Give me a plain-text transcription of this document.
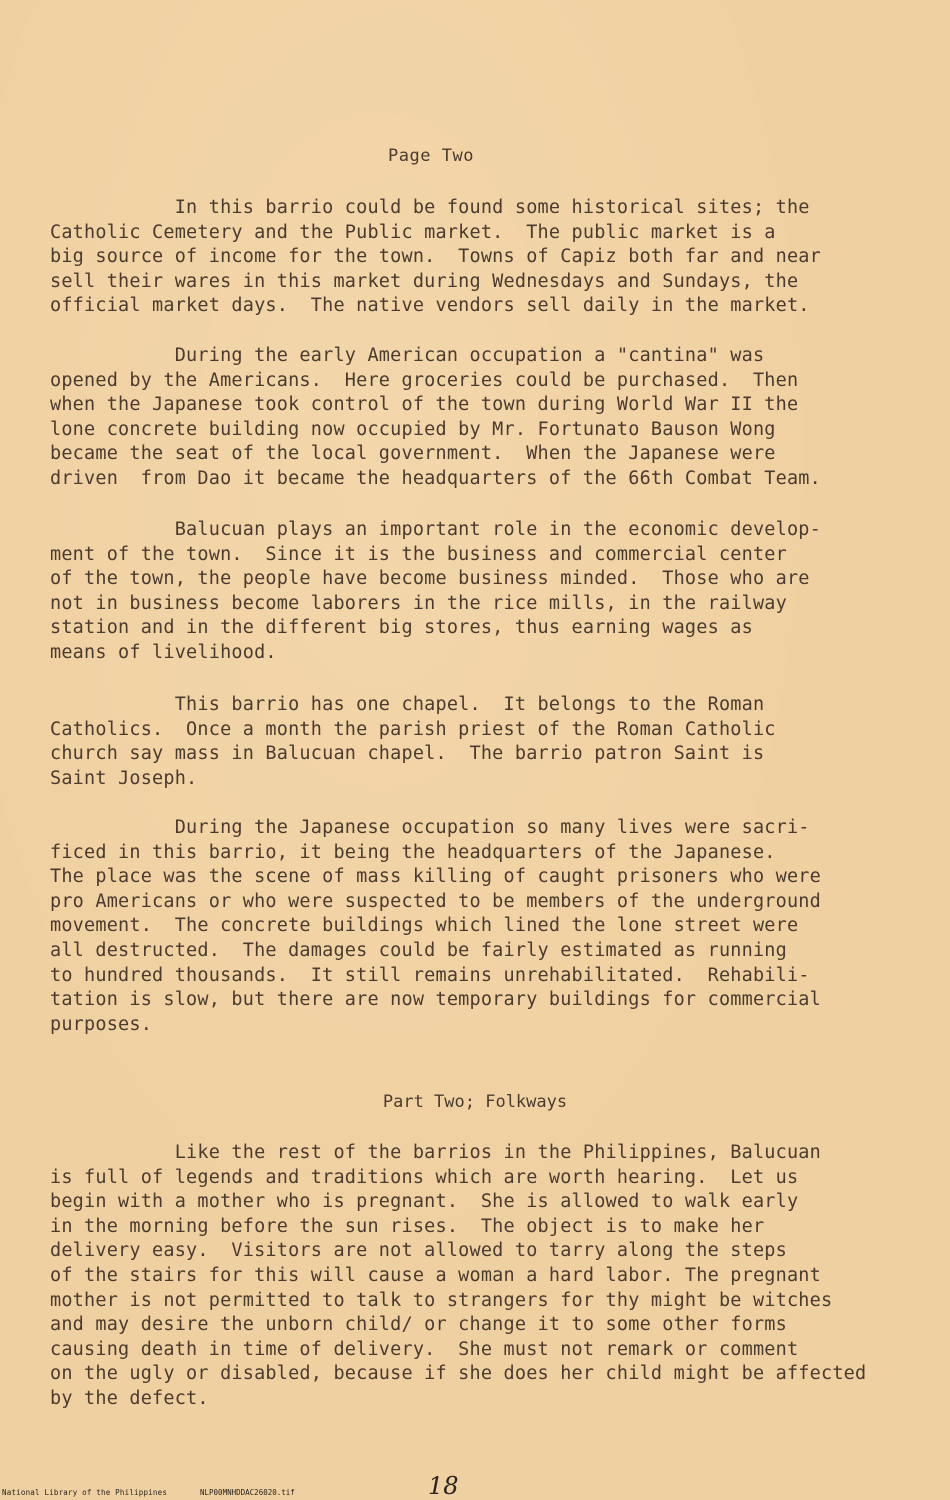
Page Two
In this barrio could be found some historical sites; the
Catholic Cemetery and the Public market.  The public market is a
big source of income for the town.  Towns of Capiz both far and near
sell their wares in this market during Wednesdays and Sundays, the
official market days.  The native vendors sell daily in the market.
During the early American occupation a "cantina" was
opened by the Americans.  Here groceries could be purchased.  Then
when the Japanese took control of the town during World War II the
lone concrete building now occupied by Mr. Fortunato Bauson Wong
became the seat of the local government.  When the Japanese were
driven  from Dao it became the headquarters of the 66th Combat Team.
Balucuan plays an important role in the economic develop-
ment of the town.  Since it is the business and commercial center
of the town, the people have become business minded.  Those who are
not in business become laborers in the rice mills, in the railway
station and in the different big stores, thus earning wages as
means of livelihood.
This barrio has one chapel.  It belongs to the Roman
Catholics.  Once a month the parish priest of the Roman Catholic
church say mass in Balucuan chapel.  The barrio patron Saint is
Saint Joseph.
During the Japanese occupation so many lives were sacri-
ficed in this barrio, it being the headquarters of the Japanese.
The place was the scene of mass killing of caught prisoners who were
pro Americans or who were suspected to be members of the underground
movement.  The concrete buildings which lined the lone street were
all destructed.  The damages could be fairly estimated as running
to hundred thousands.  It still remains unrehabilitated.  Rehabili-
tation is slow, but there are now temporary buildings for commercial
purposes.
Part Two; Folkways
Like the rest of the barrios in the Philippines, Balucuan
is full of legends and traditions which are worth hearing.  Let us
begin with a mother who is pregnant.  She is allowed to walk early
in the morning before the sun rises.  The object is to make her
delivery easy.  Visitors are not allowed to tarry along the steps
of the stairs for this will cause a woman a hard labor. The pregnant
mother is not permitted to talk to strangers for thy might be witches
and may desire the unborn child/ or change it to some other forms
causing death in time of delivery.  She must not remark or comment
on the ugly or disabled, because if she does her child might be affected
by the defect.
National Library of the Philippines	NLP00MNHDDAC26020.tif	18
